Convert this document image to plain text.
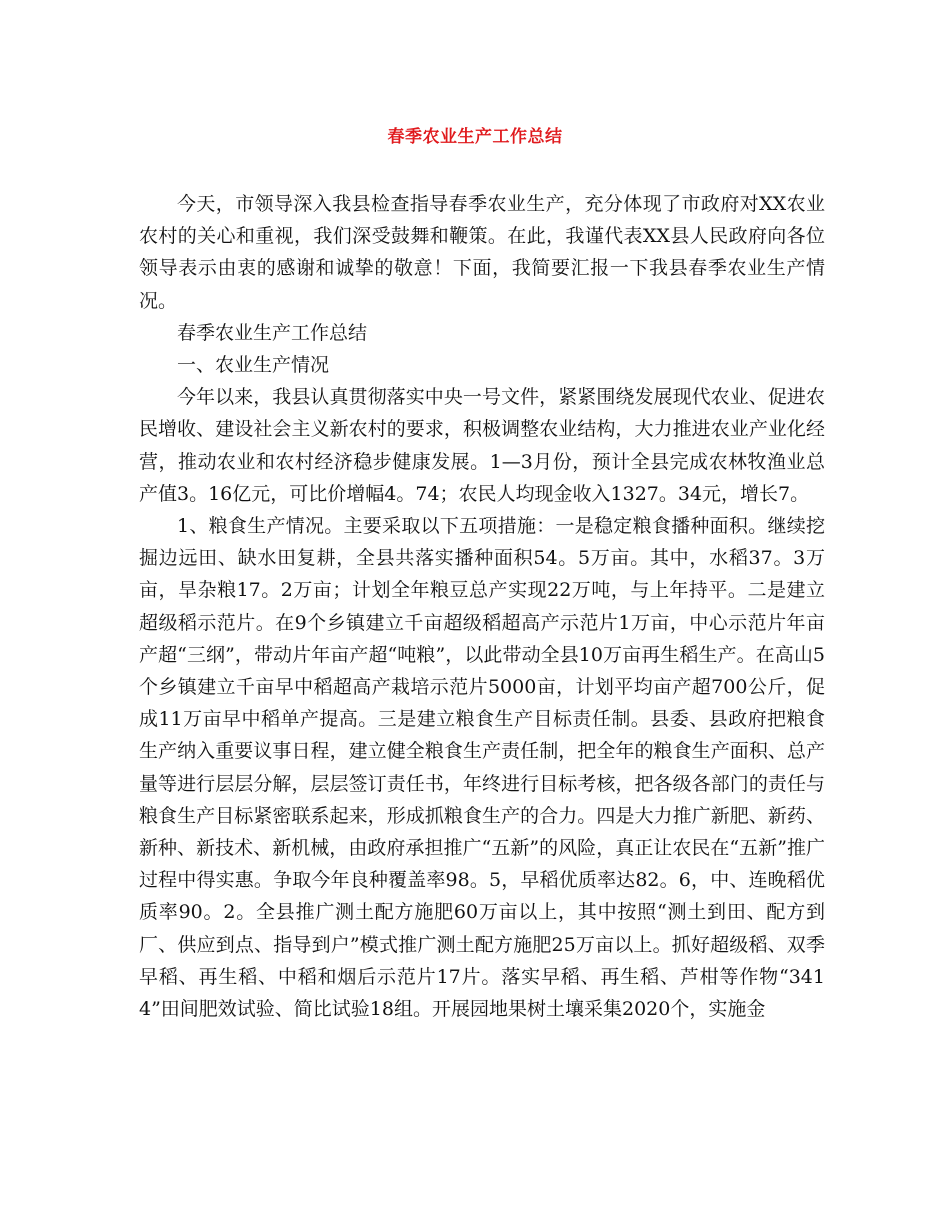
春季农业生产工作总结

今天，市领导深入我县检查指导春季农业生产，充分体现了市政府对XX农业农村的关心和重视，我们深受鼓舞和鞭策。在此，我谨代表XX县人民政府向各位领导表示由衷的感谢和诚挚的敬意！下面，我简要汇报一下我县春季农业生产情况。

春季农业生产工作总结

一、农业生产情况

今年以来，我县认真贯彻落实中央一号文件，紧紧围绕发展现代农业、促进农民增收、建设社会主义新农村的要求，积极调整农业结构，大力推进农业产业化经营，推动农业和农村经济稳步健康发展。1—3月份，预计全县完成农林牧渔业总产值3。16亿元，可比价增幅4。74；农民人均现金收入1327。34元，增长7。

1、粮食生产情况。主要采取以下五项措施：一是稳定粮食播种面积。继续挖掘边远田、缺水田复耕，全县共落实播种面积54。5万亩。其中，水稻37。3万亩，旱杂粮17。2万亩；计划全年粮豆总产实现22万吨，与上年持平。二是建立超级稻示范片。在9个乡镇建立千亩超级稻超高产示范片1万亩，中心示范片年亩产超“三纲”，带动片年亩产超“吨粮”，以此带动全县10万亩再生稻生产。在高山5个乡镇建立千亩早中稻超高产栽培示范片5000亩，计划平均亩产超700公斤，促成11万亩早中稻单产提高。三是建立粮食生产目标责任制。县委、县政府把粮食生产纳入重要议事日程，建立健全粮食生产责任制，把全年的粮食生产面积、总产量等进行层层分解，层层签订责任书，年终进行目标考核，把各级各部门的责任与粮食生产目标紧密联系起来，形成抓粮食生产的合力。四是大力推广新肥、新药、新种、新技术、新机械，由政府承担推广“五新”的风险，真正让农民在“五新”推广过程中得实惠。争取今年良种覆盖率98。5，早稻优质率达82。6，中、连晚稻优质率90。2。全县推广测土配方施肥60万亩以上，其中按照“测土到田、配方到厂、供应到点、指导到户”模式推广测土配方施肥25万亩以上。抓好超级稻、双季早稻、再生稻、中稻和烟后示范片17片。落实早稻、再生稻、芦柑等作物“3414”田间肥效试验、简比试验18组。开展园地果树土壤采集2020个，实施金
